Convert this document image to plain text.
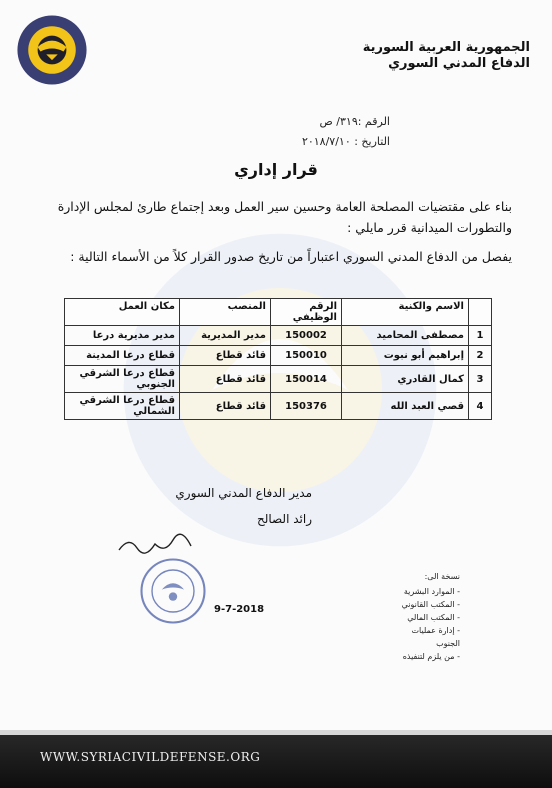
الجمهورية العربية السورية
الدفاع المدني السوري
الرقم :٣١٩/ ص
التاريخ : ٢٠١٨/٧/١٠
قرار إداري
بناء على مقتضيات المصلحة العامة وحسين سير العمل وبعد إجتماع طارئ لمجلس الإدارة والتطورات الميدانية قرر مايلي :
يفصل من الدفاع المدني السوري اعتباراً من تاريخ صدور القرار كلاً من الأسماء التالية :
	الاسم والكنية	الرقم الوظيفي	المنصب	مكان العمل
1	مصطفى المحاميد	150002	مدير المديرية	مدير مديرية درعا
2	إبراهيم أبو نبوت	150010	قائد قطاع	قطاع درعا المدينة
3	كمال القادري	150014	قائد قطاع	قطاع درعا الشرقي الجنوبي
4	قصي العبد الله	150376	قائد قطاع	قطاع درعا الشرقي الشمالي
مدير الدفاع المدني السوري
رائد الصالح
9-7-2018
نسخة الى:
- الموارد البشرية
- المكتب القانوني
- المكتب المالي
- إدارة عمليات الجنوب
- من يلزم لتنفيذه
WWW.SYRIACIVILDEFENSE.ORG
